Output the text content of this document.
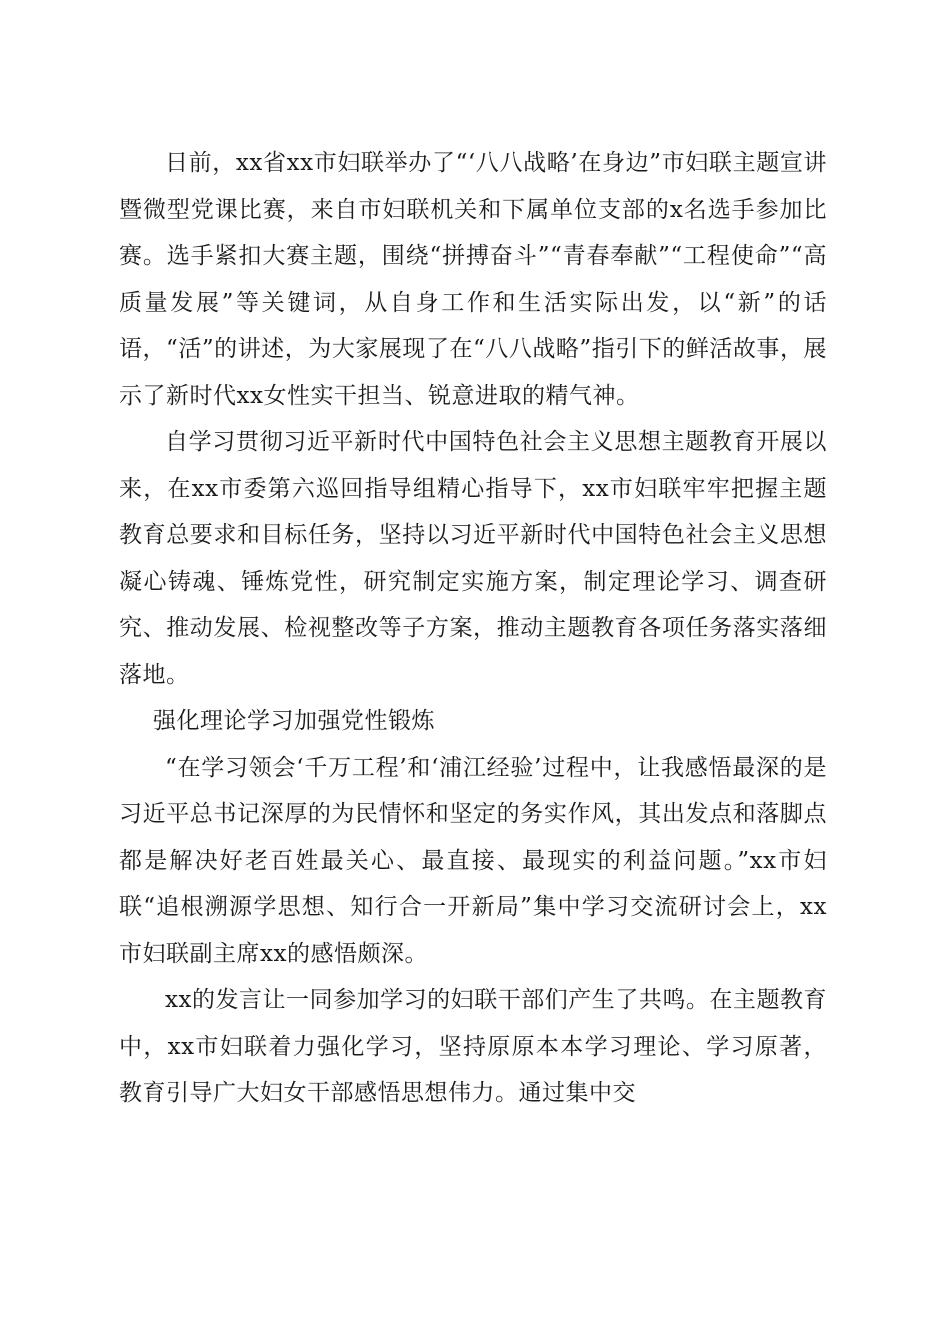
日前，xx省xx市妇联举办了“‘八八战略’在身边”市妇联主题宣讲暨微型党课比赛，来自市妇联机关和下属单位支部的x名选手参加比赛。选手紧扣大赛主题，围绕“拼搏奋斗”“青春奉献”“工程使命”“高质量发展”等关键词，从自身工作和生活实际出发，以“新”的话语，“活”的讲述，为大家展现了在“八八战略”指引下的鲜活故事，展示了新时代xx女性实干担当、锐意进取的精气神。

自学习贯彻习近平新时代中国特色社会主义思想主题教育开展以来，在xx市委第六巡回指导组精心指导下，xx市妇联牢牢把握主题教育总要求和目标任务，坚持以习近平新时代中国特色社会主义思想凝心铸魂、锤炼党性，研究制定实施方案，制定理论学习、调查研究、推动发展、检视整改等子方案，推动主题教育各项任务落实落细落地。

强化理论学习加强党性锻炼

“在学习领会‘千万工程’和‘浦江经验’过程中，让我感悟最深的是习近平总书记深厚的为民情怀和坚定的务实作风，其出发点和落脚点都是解决好老百姓最关心、最直接、最现实的利益问题。”xx市妇联“追根溯源学思想、知行合一开新局”集中学习交流研讨会上，xx市妇联副主席xx的感悟颇深。

xx的发言让一同参加学习的妇联干部们产生了共鸣。在主题教育中，xx市妇联着力强化学习，坚持原原本本学习理论、学习原著，教育引导广大妇女干部感悟思想伟力。通过集中交
